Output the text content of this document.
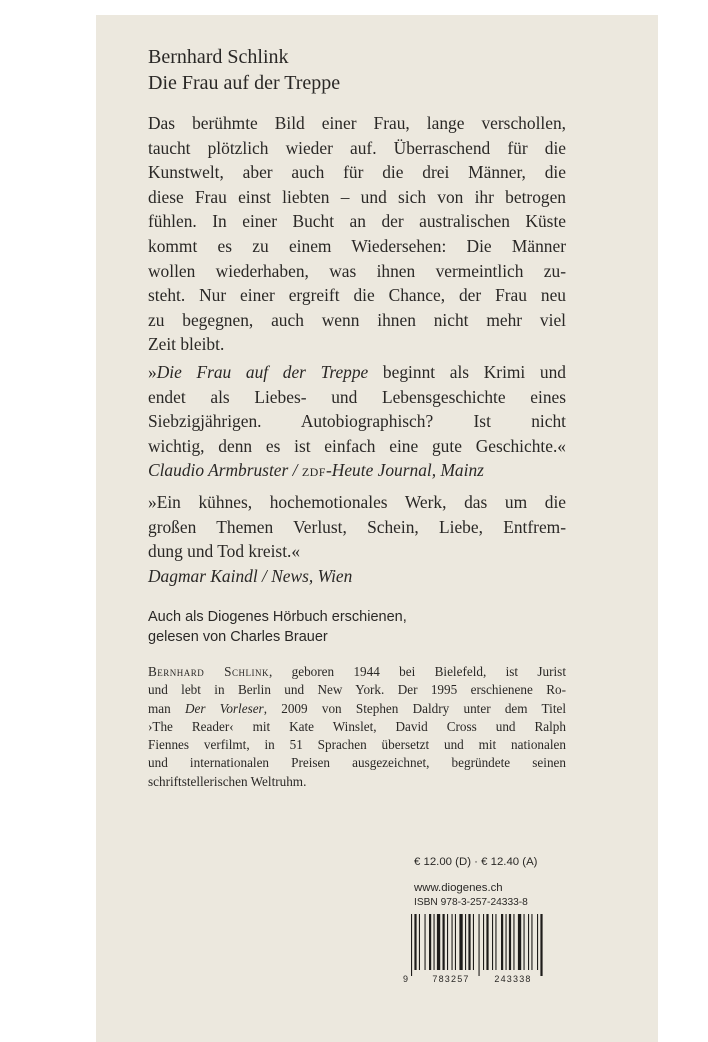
Bernhard Schlink
Die Frau auf der Treppe
Das berühmte Bild einer Frau, lange verschollen,
taucht plötzlich wieder auf. Überraschend für die
Kunstwelt, aber auch für die drei Männer, die
diese Frau einst liebten – und sich von ihr betrogen
fühlen. In einer Bucht an der australischen Küste
kommt es zu einem Wiedersehen: Die Männer
wollen wiederhaben, was ihnen vermeintlich zu-
steht. Nur einer ergreift die Chance, der Frau neu
zu begegnen, auch wenn ihnen nicht mehr viel
Zeit bleibt.
»Die Frau auf der Treppe beginnt als Krimi und
endet als Liebes- und Lebensgeschichte eines
Siebzigjährigen. Autobiographisch? Ist nicht
wichtig, denn es ist einfach eine gute Geschichte.«
Claudio Armbruster / zdf-Heute Journal, Mainz
»Ein kühnes, hochemotionales Werk, das um die
großen Themen Verlust, Schein, Liebe, Entfrem-
dung und Tod kreist.«
Dagmar Kaindl / News, Wien
Auch als Diogenes Hörbuch erschienen,
gelesen von Charles Brauer
Bernhard Schlink, geboren 1944 bei Bielefeld, ist Jurist
und lebt in Berlin und New York. Der 1995 erschienene Ro-
man Der Vorleser, 2009 von Stephen Daldry unter dem Titel
›The Reader‹ mit Kate Winslet, David Cross und Ralph
Fiennes verfilmt, in 51 Sprachen übersetzt und mit nationalen
und internationalen Preisen ausgezeichnet, begründete seinen
schriftstellerischen Weltruhm.
€ 12.00 (D) · € 12.40 (A)
www.diogenes.ch
ISBN 978-3-257-24333-8
9	783257	243338
